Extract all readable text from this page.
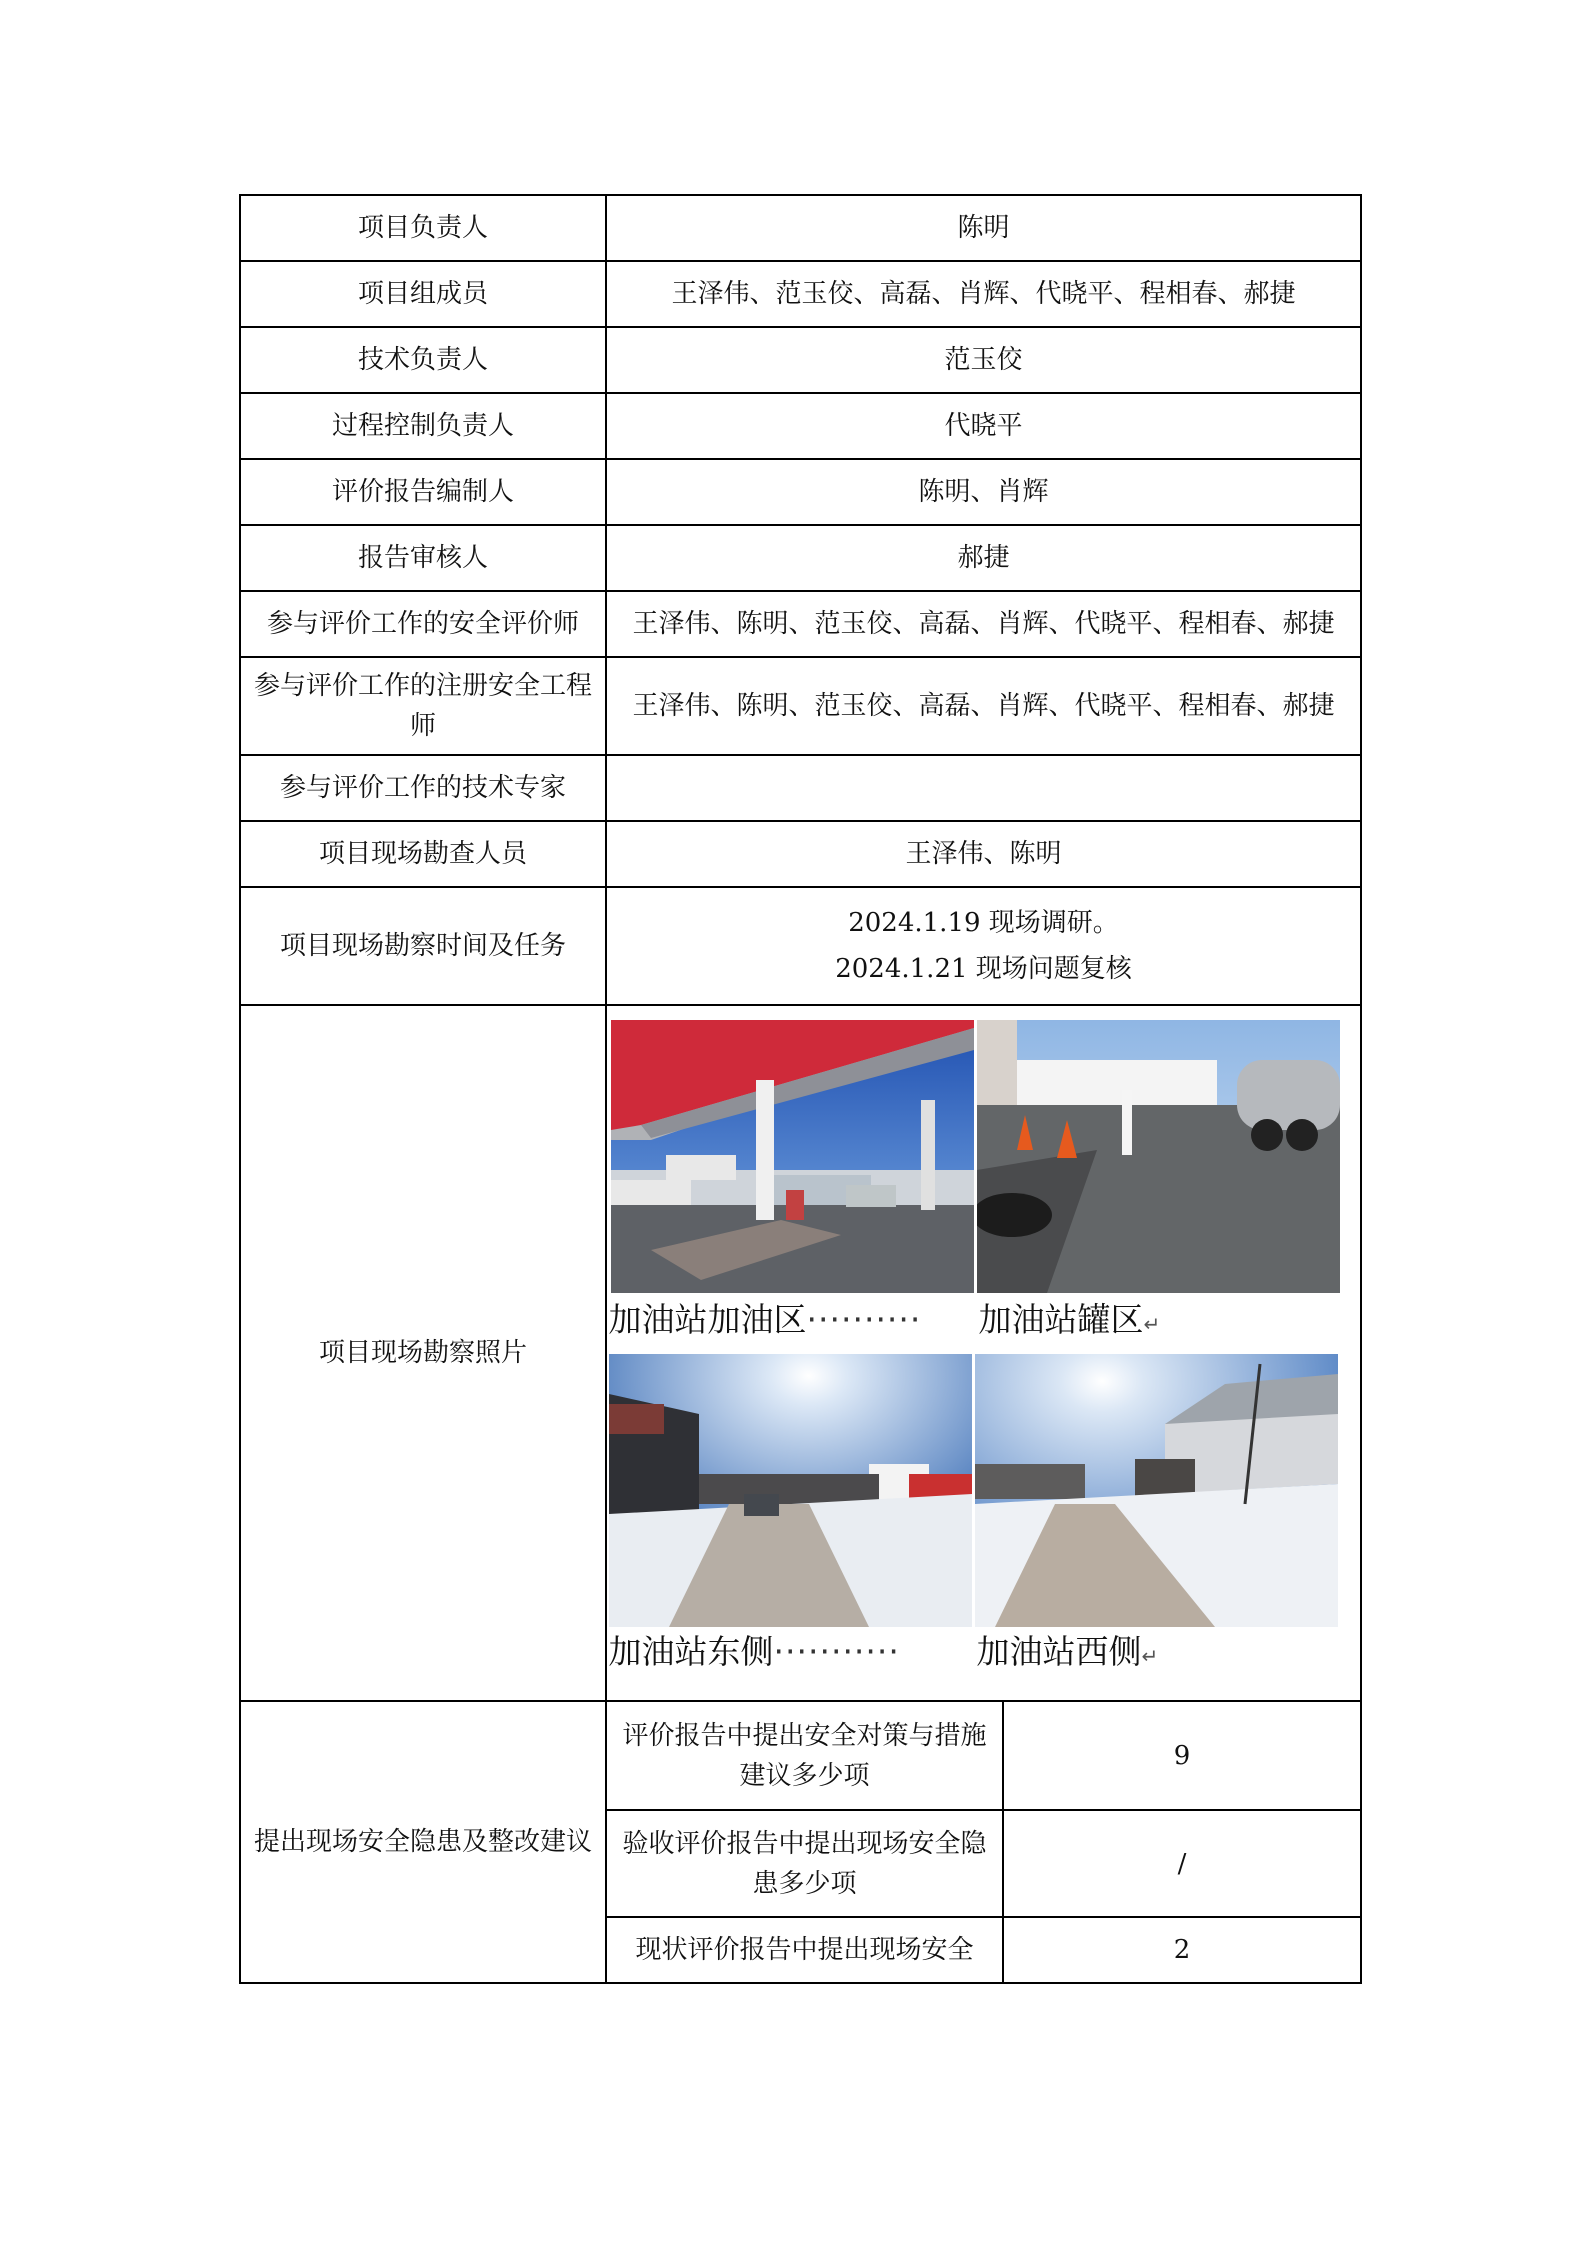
项目负责人	陈明	
项目组成员	王泽伟、范玉佼、高磊、肖辉、代晓平、程相春、郝捷	
技术负责人	范玉佼	
过程控制负责人	代晓平	
评价报告编制人	陈明、肖辉	
报告审核人	郝捷	
参与评价工作的安全评价师	王泽伟、陈明、范玉佼、高磊、肖辉、代晓平、程相春、郝捷	
参与评价工作的注册安全工程师	王泽伟、陈明、范玉佼、高磊、肖辉、代晓平、程相春、郝捷	
参与评价工作的技术专家		
项目现场勘查人员	王泽伟、陈明	
项目现场勘察时间及任务	2024.1.19 现场调研。
2024.1.21 现场问题复核	

项目现场勘察照片	加油站加油区·········· 加油站罐区↵
加油站东侧··········· 加油站西侧↵	

提出现场安全隐患及整改建议	评价报告中提出安全对策与措施建议多少项	9
	验收评价报告中提出现场安全隐患多少项	/
	现状评价报告中提出现场安全	2
